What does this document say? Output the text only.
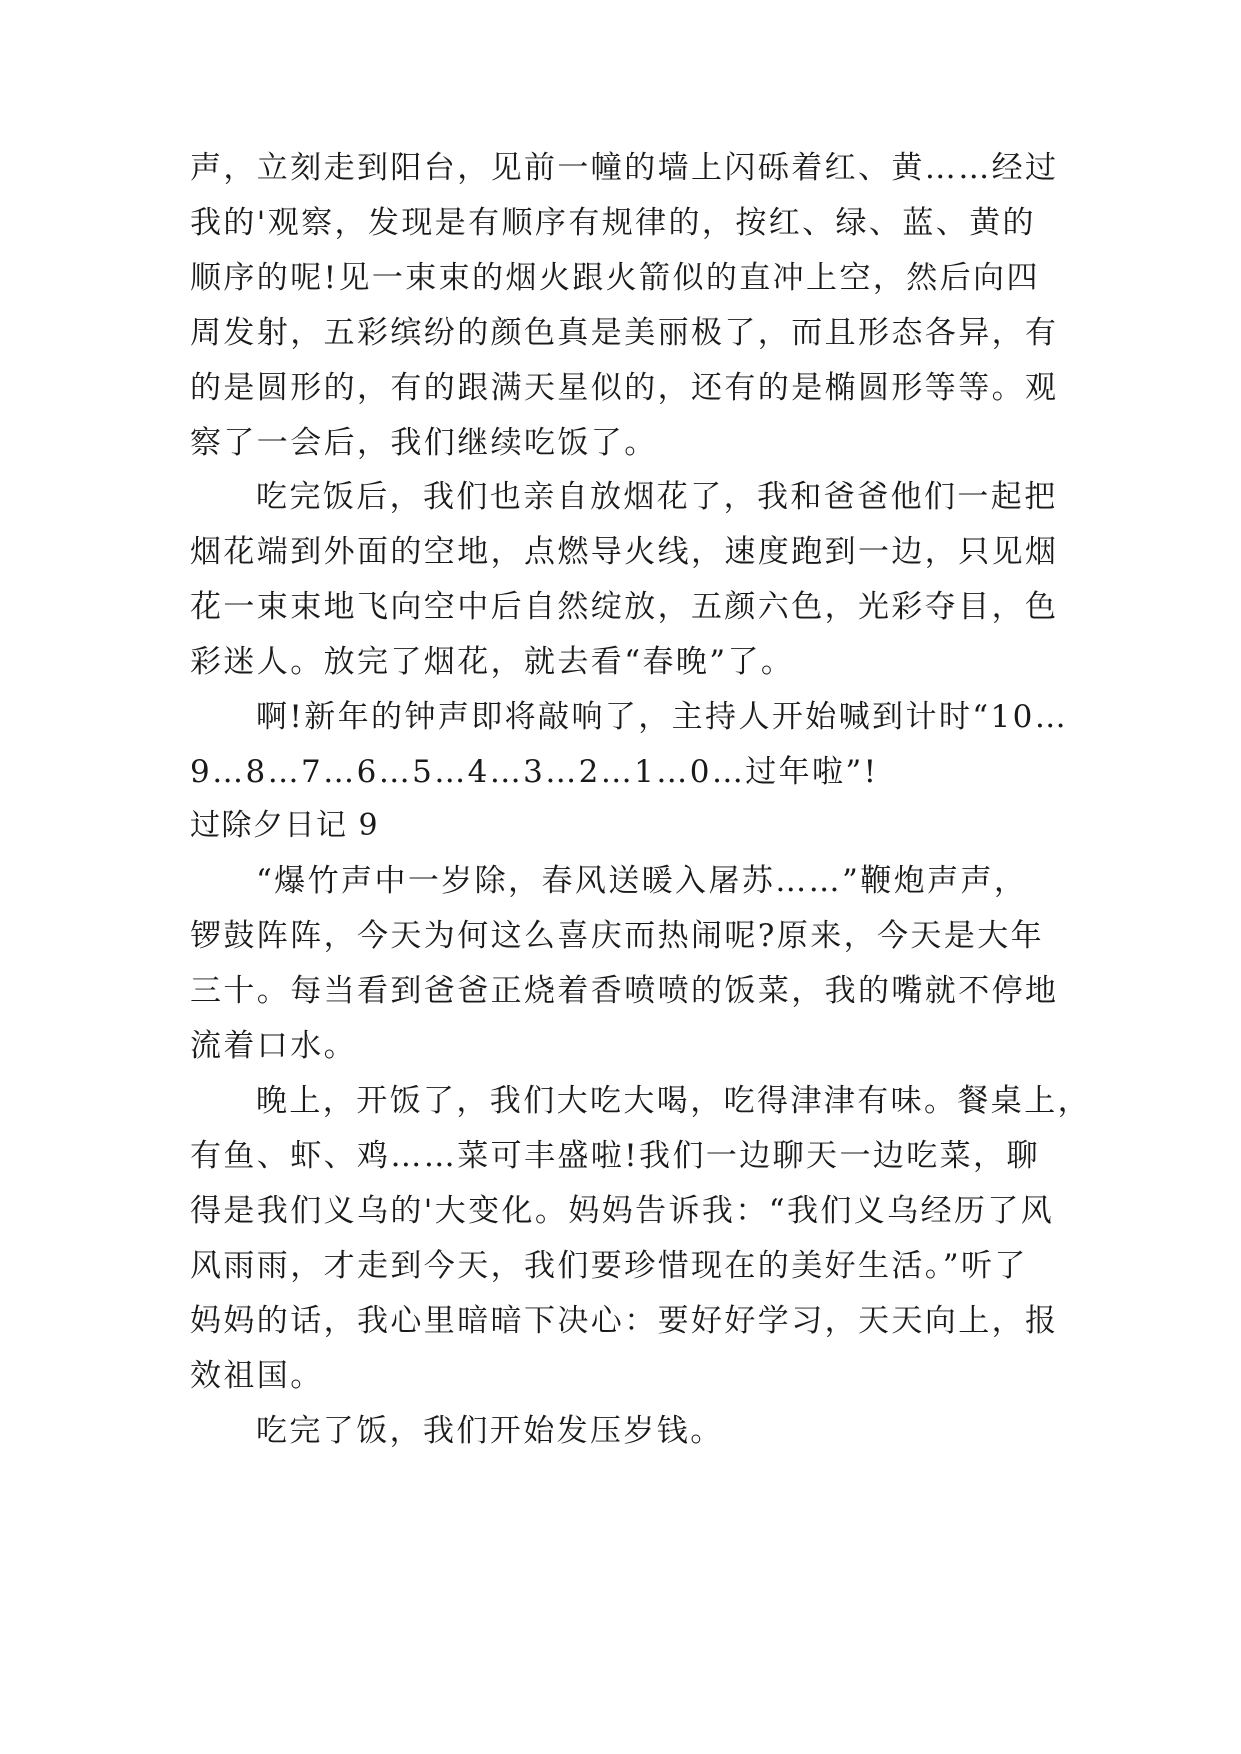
声，立刻走到阳台，见前一幢的墙上闪砾着红、黄……经过
我的'观察，发现是有顺序有规律的，按红、绿、蓝、黄的
顺序的呢!见一束束的烟火跟火箭似的直冲上空，然后向四
周发射，五彩缤纷的颜色真是美丽极了，而且形态各异，有
的是圆形的，有的跟满天星似的，还有的是椭圆形等等。观
察了一会后，我们继续吃饭了。
吃完饭后，我们也亲自放烟花了，我和爸爸他们一起把
烟花端到外面的空地，点燃导火线，速度跑到一边，只见烟
花一束束地飞向空中后自然绽放，五颜六色，光彩夺目，色
彩迷人。放完了烟花，就去看“春晚”了。
啊!新年的钟声即将敲响了，主持人开始喊到计时“10…
9…8…7…6…5…4…3…2…1…0…过年啦”!
过除夕日记 9
“爆竹声中一岁除，春风送暖入屠苏……”鞭炮声声，
锣鼓阵阵，今天为何这么喜庆而热闹呢?原来，今天是大年
三十。每当看到爸爸正烧着香喷喷的饭菜，我的嘴就不停地
流着口水。
晚上，开饭了，我们大吃大喝，吃得津津有味。餐桌上，
有鱼、虾、鸡……菜可丰盛啦!我们一边聊天一边吃菜，聊
得是我们义乌的'大变化。妈妈告诉我：“我们义乌经历了风
风雨雨，才走到今天，我们要珍惜现在的美好生活。”听了
妈妈的话，我心里暗暗下决心：要好好学习，天天向上，报
效祖国。
吃完了饭，我们开始发压岁钱。
